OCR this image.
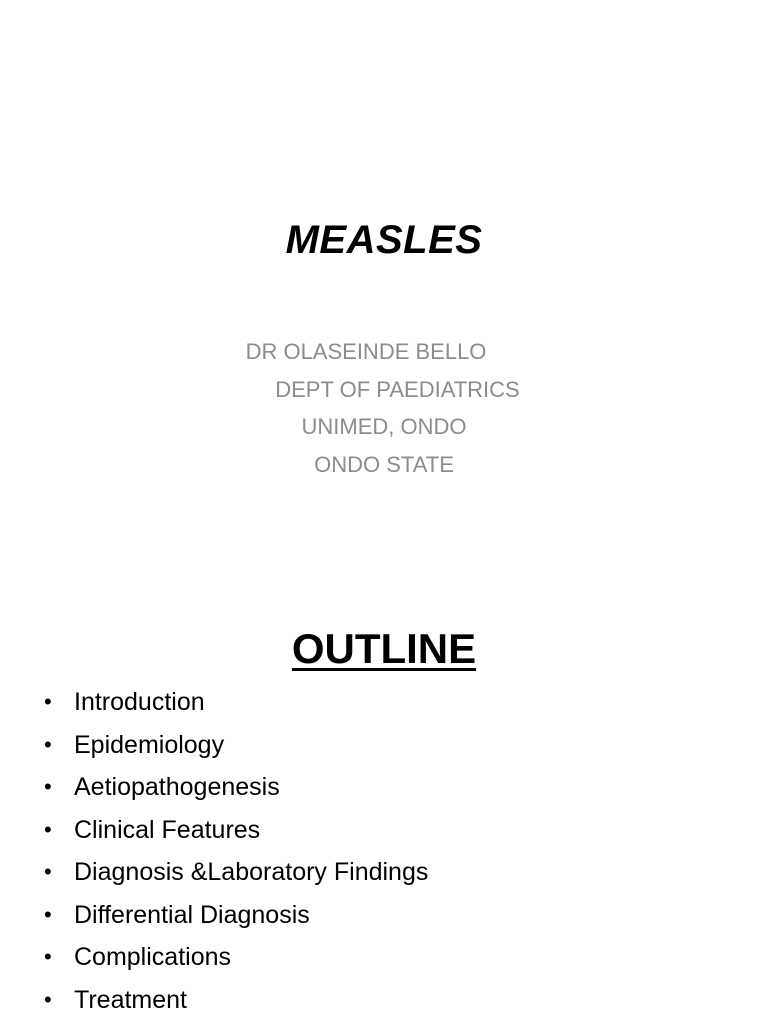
MEASLES
DR OLASEINDE BELLO
DEPT OF PAEDIATRICS
UNIMED, ONDO
ONDO STATE
OUTLINE
• Introduction
• Epidemiology
• Aetiopathogenesis
• Clinical Features
• Diagnosis &Laboratory Findings
• Differential Diagnosis
• Complications
• Treatment
